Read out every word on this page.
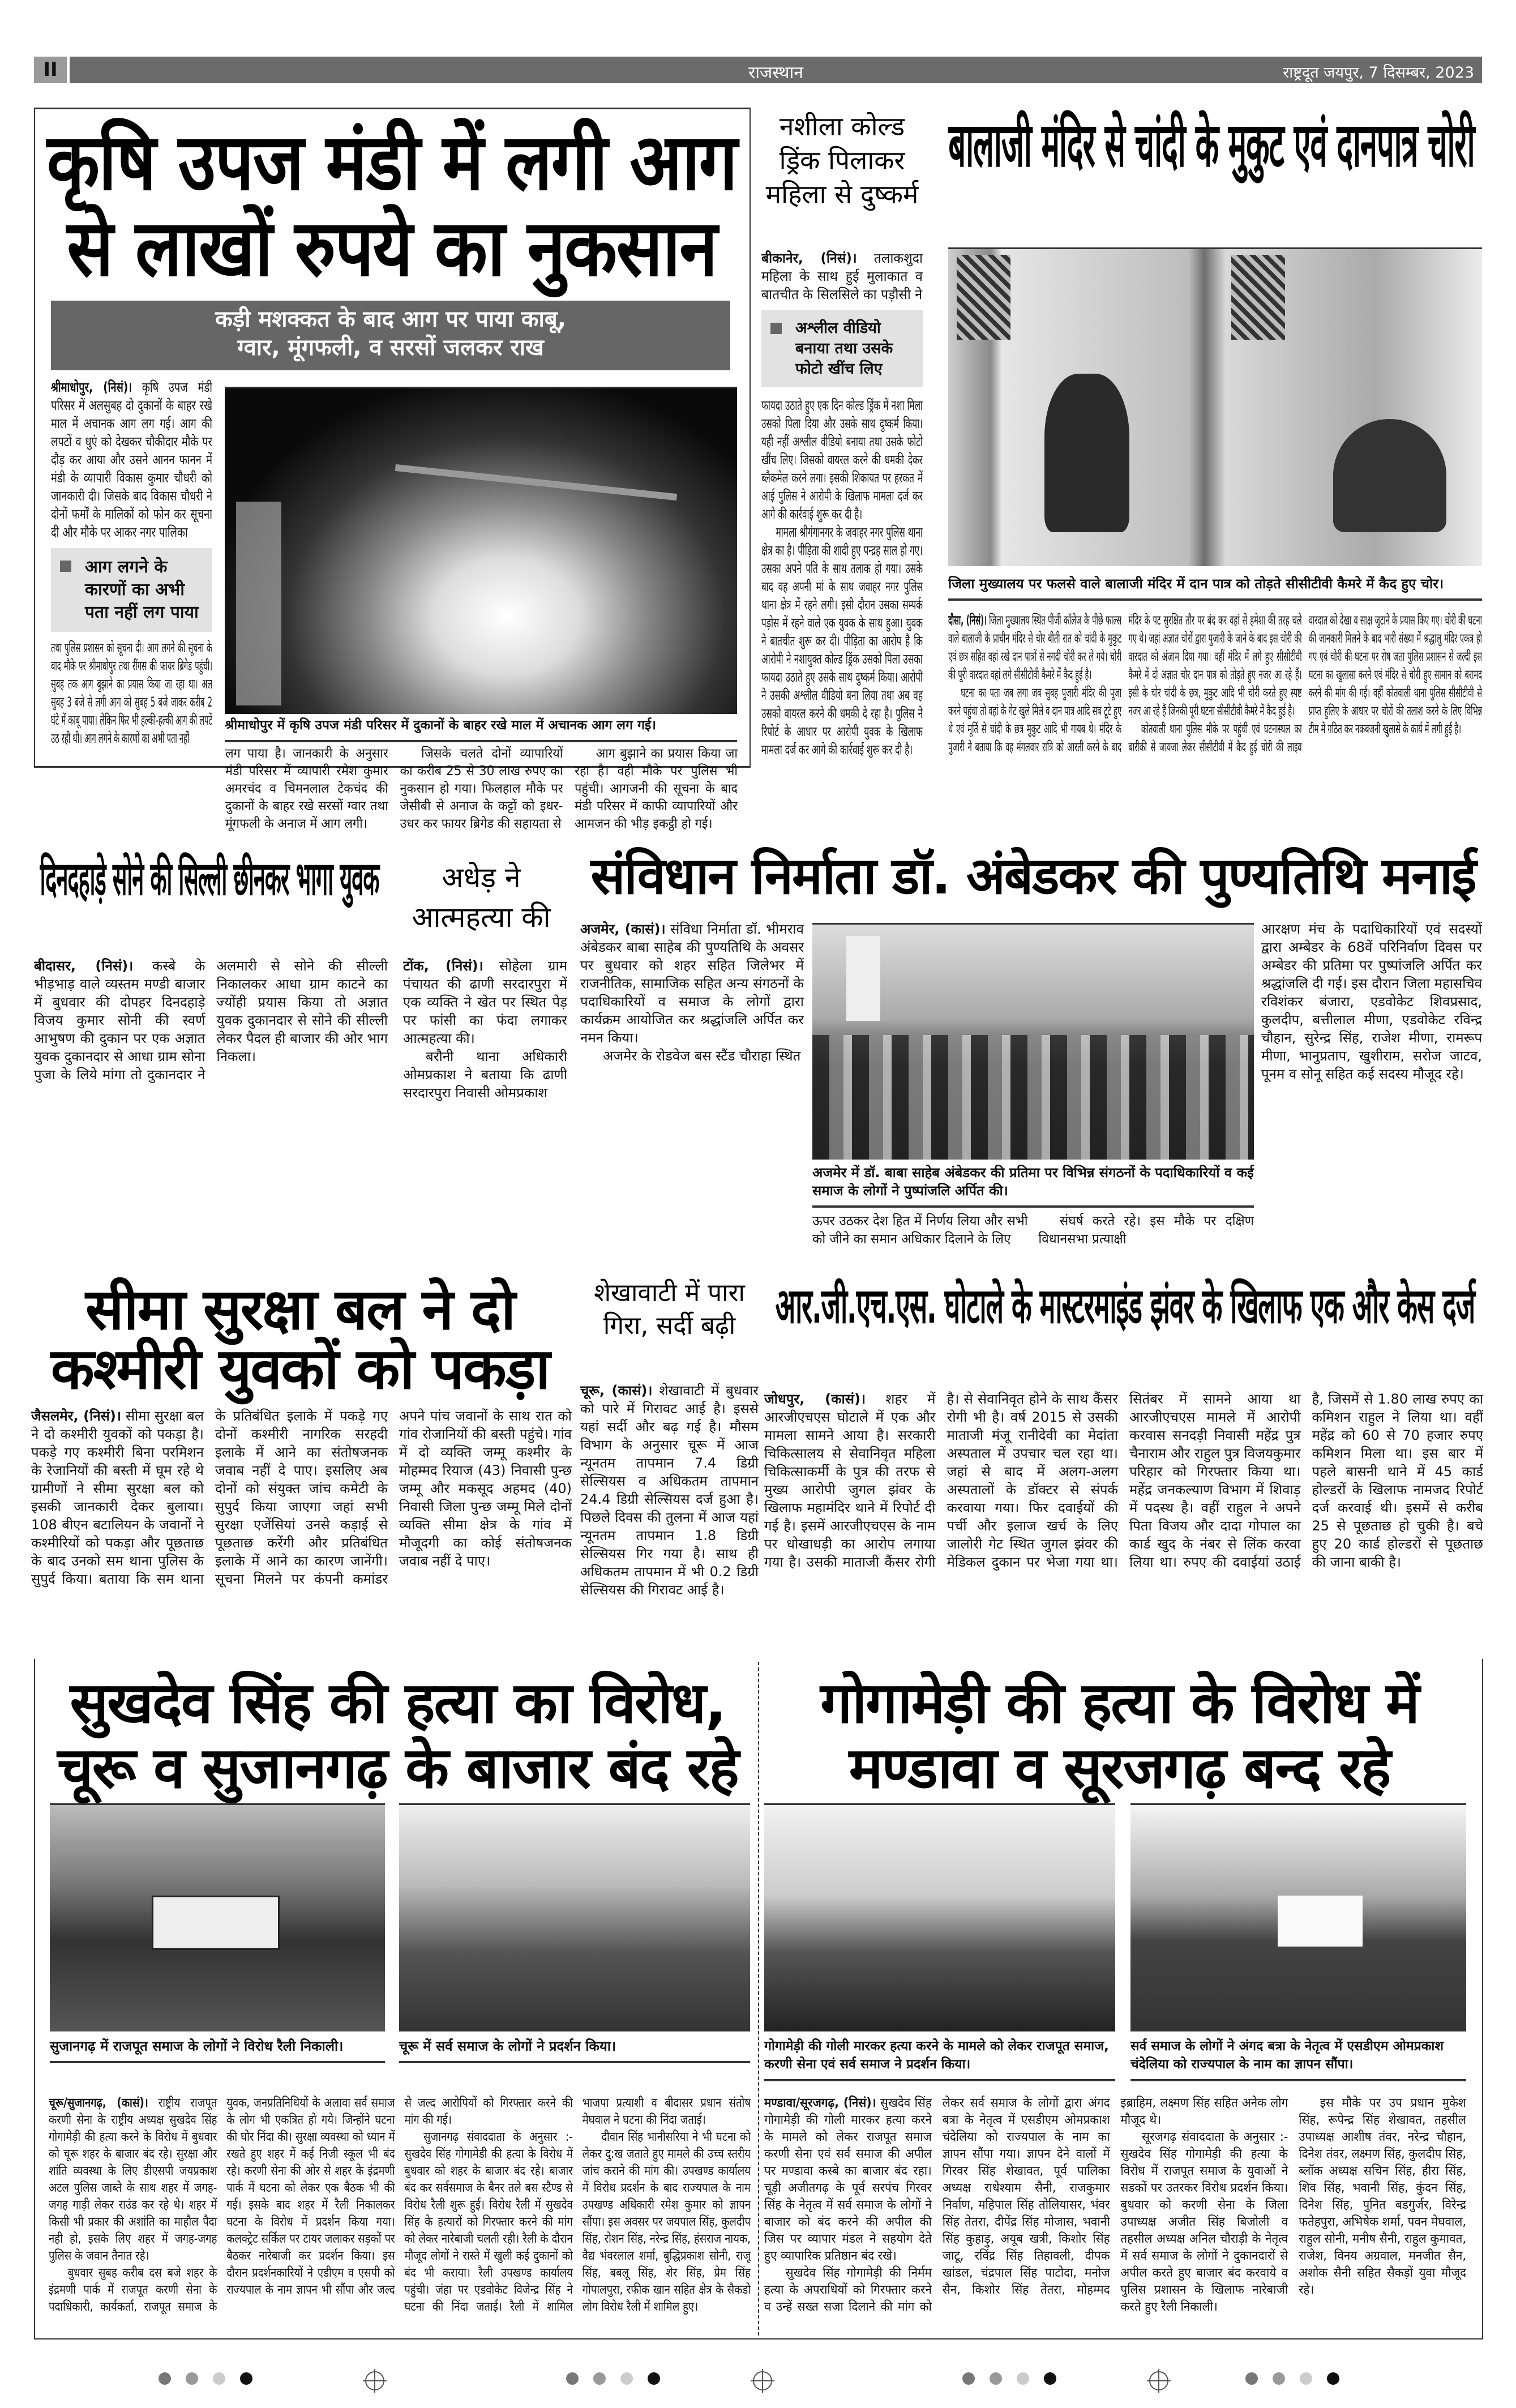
II	राजस्थान	राष्ट्रदूत जयपुर, 7 दिसम्बर, 2023
कृषि उपज मंडी में लगी आग से लाखों रुपये का नुकसान
कड़ी मशक्कत के बाद आग पर पाया काबू,
ग्वार, मूंगफली, व सरसों जलकर राख

श्रीमाधोपुर, (निसं)। कृषि उपज मंडी परिसर में अलसुबह दो दुकानों के बाहर रखे माल में अचानक आग लग गई। आग की लपटों व धुएं को देखकर चौकीदार मौके पर दौड़ कर आया और उसने आनन फानन में मंडी के व्यापारी विकास कुमार चौधरी को जानकारी दी। जिसके बाद विकास चौधरी ने दोनों फर्मों के मालिकों को फोन कर सूचना दी और मौके पर आकर नगर पालिका

आग लगने के कारणों का अभी पता नहीं लग पाया

तथा पुलिस प्रशासन को सूचना दी। आग लगने की सूचना के बाद मौके पर श्रीमाधोपुर तथा रींगस की फायर ब्रिगेड पहुंची। सुबह तक आग बुझाने का प्रयास किया जा रहा था। अल सुबह 3 बजे से लगी आग को सुबह 5 बजे जाकर करीब 2 घंटे में काबू पाया। लेकिन फिर भी हल्की-हल्की आग की लपटें उठ रही थी। आग लगने के कारणों का अभी पता नहीं

श्रीमाधोपुर में कृषि उपज मंडी परिसर में दुकानों के बाहर रखे माल में अचानक आग लग गई।

लग पाया है। जानकारी के अनुसार मंडी परिसर में व्यापारी रमेश कुमार अमरचंद व चिमनलाल टेकचंद की दुकानों के बाहर रखे सरसों ग्वार तथा मूंगफली के अनाज में आग लगी।

जिसके चलते दोनों व्यापारियों का करीब 25 से 30 लाख रुपए का नुकसान हो गया। फिलहाल मौके पर जेसीबी से अनाज के कट्टों को इधर-उधर कर फायर ब्रिगेड की सहायता से

आग बुझाने का प्रयास किया जा रहा है। वही मौके पर पुलिस भी पहुंची। आगजनी की सूचना के बाद मंडी परिसर में काफी व्यापारियों और आमजन की भीड़ इकट्ठी हो गई।

नशीला कोल्ड ड्रिंक पिलाकर महिला से दुष्कर्म

बीकानेर, (निसं)। तलाकशुदा महिला के साथ हुई मुलाकात व बातचीत के सिलसिले का पड़ौसी ने

अश्लील वीडियो बनाया तथा उसके फोटो खींच लिए

फायदा उठाते हुए एक दिन कोल्ड ड्रिंक में नशा मिला उसको पिला दिया और उसके साथ दुष्कर्म किया। यही नहीं अश्लील वीडियो बनाया तथा उसके फोटो खींच लिए। जिसको वायरल करने की धमकी देकर ब्लैकमेल करने लगा। इसकी शिकायत पर हरकत में आई पुलिस ने आरोपी के खिलाफ मामला दर्ज कर आगे की कार्रवाई शुरू कर दी है।

मामला श्रीगंगानगर के जवाहर नगर पुलिस थाना क्षेत्र का है। पीड़िता की शादी हुए पन्द्रह साल हो गए। उसका अपने पति के साथ तलाक हो गया। उसके बाद वह अपनी मां के साथ जवाहर नगर पुलिस थाना क्षेत्र में रहने लगी। इसी दौरान उसका सम्पर्क पड़ोस में रहने वाले एक युवक के साथ हुआ। युवक ने बातचीत शुरू कर दी। पीड़िता का आरोप है कि आरोपी ने नशायुक्त कोल्ड ड्रिंक उसको पिला उसका फायदा उठाते हुए उसके साथ दुष्कर्म किया। आरोपी ने उसकी अश्लील वीडियो बना लिया तथा अब वह उसको वायरल करने की धमकी दे रहा है। पुलिस ने रिपोर्ट के आधार पर आरोपी युवक के खिलाफ मामला दर्ज कर आगे की कार्रवाई शुरू कर दी है।

बालाजी मंदिर से चांदी के मुकुट एवं दानपात्र चोरी
जिला मुख्यालय पर फलसे वाले बालाजी मंदिर में दान पात्र को तोड़ते सीसीटीवी कैमरे में कैद हुए चोर।

दौसा, (निसं)। जिला मुख्यालय स्थित पीजी कॉलेज के पीछे फाल्स वाले बालाजी के प्राचीन मंदिर से चोर बीती रात को चांदी के मुकुट एवं छत्र सहित वहां रखे दान पात्रों से नगदी चोरी कर ले गये। चोरी की पूरी वारदात वहां लगे सीसीटीवी कैमरे में कैद हुई है।

घटना का पता जब लगा जब सुबह पुजारी मंदिर की पूजा करने पहुंचा तो वहां के गेट खुले मिले व दान पात्र आदि सब टूटे हुए थे एवं मूर्ति से चांदी के छत्र मुकुट आदि भी गायब थे। मंदिर के पुजारी ने बताया कि वह मंगलवार रात्रि को आरती करने के बाद मंदिर के पट सुरक्षित तौर पर बंद कर वहां से हमेशा की तरह चले गए थे। जहां अज्ञात चोरों द्वारा पुजारी के जाने के बाद इस चोरी की वारदात को अंजाम दिया गया। वहीं मंदिर में लगे हुए सीसीटीवी कैमरे में दो अज्ञात चोर दान पात्र को तोड़ते हुए नजर आ रहे हैं। इसी के चोर चांदी के छत्र, मुकुट आदि भी चोरी करते हुए स्पष्ट नजर आ रहे हैं जिनकी पूरी घटना सीसीटीवी कैमरे में कैद हुई है।

कोतवाली थाना पुलिस मौके पर पहुंची एवं घटनास्थल का बारीकी से जायजा लेकर सीसीटीवी में कैद हुई चोरी की लाइव वारदात को देखा व साक्ष जुटाने के प्रयास किए गए। चोरी की घटना की जानकारी मिलने के बाद भारी संख्या में श्रद्धालु मंदिर एकत्र हो गए एवं चोरी की घटना पर रोष जता पुलिस प्रशासन से जल्दी इस घटना का खुलासा करने एवं मंदिर से चोरी हुए सामान को बरामद करने की मांग की गई। वहीं कोतवाली थाना पुलिस सीसीटीवी से प्राप्त हुलिए के आधार पर चोरों की तलाश करने के लिए विभिन्न टीम में गठित कर नकबजनी खुलासे के कार्य में लगी हुई है।

दिनदहाड़े सोने की सिल्ली छीनकर भागा युवक

बीदासर, (निसं)। कस्बे के भीड़भाड़ वाले व्यस्तम मण्डी बाजार में बुधवार की दोपहर दिनदहाड़े विजय कुमार सोनी की स्वर्ण आभुषण की दुकान पर एक अज्ञात युवक दुकानदार से आधा ग्राम सोना पुजा के लिये मांगा तो दुकानदार ने अलमारी से सोने की सील्ली निकालकर आधा ग्राम काटने का ज्योंही प्रयास किया तो अज्ञात युवक दुकानदार से सोने की सील्ली लेकर पैदल ही बाजार की ओर भाग निकला।

अधेड़ ने आत्महत्या की

टोंक, (निसं)। सोहेला ग्राम पंचायत की ढाणी सरदारपुरा में एक व्यक्ति ने खेत पर स्थित पेड़ पर फांसी का फंदा लगाकर आत्महत्या की।

बरौनी थाना अधिकारी ओमप्रकाश ने बताया कि ढाणी सरदारपुरा निवासी ओमप्रकाश

संविधान निर्माता डॉ. अंबेडकर की पुण्यतिथि मनाई

अजमेर, (कासं)। संविधा निर्माता डॉ. भीमराव अंबेडकर बाबा साहेब की पुण्यतिथि के अवसर पर बुधवार को शहर सहित जिलेभर में राजनीतिक, सामाजिक सहित अन्य संगठनों के पदाधिकारियों व समाज के लोगों द्वारा कार्यक्रम आयोजित कर श्रद्धांजलि अर्पित कर नमन किया।

अजमेर के रोडवेज बस स्टैंड चौराहा स्थित

अजमेर में डॉ. बाबा साहेब अंबेडकर की प्रतिमा पर विभिन्न संगठनों के पदाधिकारियों व कई समाज के लोगों ने पुष्पांजलि अर्पित की।

ऊपर उठकर देश हित में निर्णय लिया और सभी को जीने का समान अधिकार दिलाने के लिए

संघर्ष करते रहे। इस मौके पर दक्षिण विधानसभा प्रत्याक्षी

आरक्षण मंच के पदाधिकारियों एवं सदस्यों द्वारा अम्बेडर के 68वें परिनिर्वाण दिवस पर अम्बेडर की प्रतिमा पर पुष्पांजलि अर्पित कर श्रद्धांजलि दी गई। इस दौरान जिला महासचिव रविशंकर बंजारा, एडवोकेट शिवप्रसाद, कुलदीप, बत्तीलाल मीणा, एडवोकेट रविन्द्र चौहान, सुरेन्द्र सिंह, राजेश मीणा, रामरूप मीणा, भानुप्रताप, खुशीराम, सरोज जाटव, पूनम व सोनू सहित कई सदस्य मौजूद रहे।

सीमा सुरक्षा बल ने दो कश्मीरी युवकों को पकड़ा

जैसलमेर, (निसं)। सीमा सुरक्षा बल ने दो कश्मीरी युवकों को पकड़ा है। पकड़े गए कश्मीरी बिना परमिशन के रेजानियों की बस्ती में घूम रहे थे ग्रामीणों ने सीमा सुरक्षा बल को इसकी जानकारी देकर बुलाया। 108 बीएन बटालियन के जवानों ने कश्मीरियों को पकड़ा और पूछताछ के बाद उनको सम थाना पुलिस के सुपुर्द किया। बताया कि सम थाना के प्रतिबंधित इलाके में पकड़े गए दोनों कश्मीरी नागरिक सरहदी इलाके में आने का संतोषजनक जवाब नहीं दे पाए। इसलिए अब दोनों को संयुक्त जांच कमेटी के सुपुर्द किया जाएगा जहां सभी सुरक्षा एजेंसियां उनसे कड़ाई से पूछताछ करेंगी और प्रतिबंधित इलाके में आने का कारण जानेंगी। सूचना मिलने पर कंपनी कमांडर अपने पांच जवानों के साथ रात को गांव रोजानियों की बस्ती पहुंचे। गांव में दो व्यक्ति जम्मू कश्मीर के मोहम्मद रियाज (43) निवासी पुन्छ जम्मू और मकसूद अहमद (40) निवासी जिला पुन्छ जम्मू मिले दोनों व्यक्ति सीमा क्षेत्र के गांव में मौजूदगी का कोई संतोषजनक जवाब नहीं दे पाए।

शेखावाटी में पारा गिरा, सर्दी बढ़ी

चूरू, (कासं)। शेखावाटी में बुधवार को पारे में गिरावट आई है। इससे यहां सर्दी और बढ़ गई है। मौसम विभाग के अनुसार चूरू में आज न्यूनतम तापमान 7.4 डिग्री सेल्सियस व अधिकतम तापमान 24.4 डिग्री सेल्सियस दर्ज हुआ है। पिछले दिवस की तुलना में आज यहां न्यूनतम तापमान 1.8 डिग्री सेल्सियस गिर गया है। साथ ही अधिकतम तापमान में भी 0.2 डिग्री सेल्सियस की गिरावट आई है।

आर.जी.एच.एस. घोटाले के मास्टरमाइंड झंवर के खिलाफ एक और केस दर्ज

जोधपुर, (कासं)। शहर में आरजीएचएस घोटाले में एक और मामला सामने आया है। सरकारी चिकित्सालय से सेवानिवृत महिला चिकित्साकर्मी के पुत्र की तरफ से मुख्य आरोपी जुगल झंवर के खिलाफ महामंदिर थाने में रिपोर्ट दी गई है। इसमें आरजीएचएस के नाम पर धोखाधड़ी का आरोप लगाया गया है। उसकी माताजी कैंसर रोगी है। से सेवानिवृत होने के साथ कैंसर रोगी भी है। वर्ष 2015 से उसकी माताजी मंजू रानीदेवी का मेदांता अस्पताल में उपचार चल रहा था। जहां से बाद में अलग-अलग अस्पतालों के डॉक्टर से संपर्क करवाया गया। फिर दवाईयों की पर्ची और इलाज खर्च के लिए जालोरी गेट स्थित जुगल झंवर की मेडिकल दुकान पर भेजा गया था। सितंबर में सामने आया था आरजीएचएस मामले में आरोपी करवास सनदड़ी निवासी महेंद्र पुत्र चैनाराम और राहुल पुत्र विजयकुमार परिहार को गिरफ्तार किया था। महेंद्र जनकल्याण विभाग में शिवाड़ में पदस्थ है। वहीं राहुल ने अपने पिता विजय और दादा गोपाल का कार्ड खुद के नंबर से लिंक करवा लिया था। रुपए की दवाईयां उठाई है, जिसमें से 1.80 लाख रुपए का कमिशन राहुल ने लिया था। वहीं महेंद्र को 60 से 70 हजार रुपए कमिशन मिला था। इस बार में पहले बासनी थाने में 45 कार्ड होल्डरों के खिलाफ नामजद रिपोर्ट दर्ज करवाई थी। इसमें से करीब 25 से पूछताछ हो चुकी है। बचे हुए 20 कार्ड होल्डरों से पूछताछ की जाना बाकी है।

सुखदेव सिंह की हत्या का विरोध,
चूरू व सुजानगढ़ के बाजार बंद रहे
गोगामेड़ी की हत्या के विरोध में
मण्डावा व सूरजगढ़ बन्द रहे
सुजानगढ़ में राजपूत समाज के लोगों ने विरोध रैली निकाली।	चूरू में सर्व समाज के लोगों ने प्रदर्शन किया।	गोगामेड़ी की गोली मारकर हत्या करने के मामले को लेकर राजपूत समाज, करणी सेना एवं सर्व समाज ने प्रदर्शन किया।
सर्व समाज के लोगों ने अंगद बत्रा के नेतृत्व में एसडीएम ओमप्रकाश चंदेलिया को राज्यपाल के नाम का ज्ञापन सौंपा।

चूरू/सुजानगढ़, (कासं)। राष्ट्रीय राजपूत करणी सेना के राष्ट्रीय अध्यक्ष सुखदेव सिंह गोगामेड़ी की हत्या करने के विरोध में बुधवार को चूरू शहर के बाजार बंद रहे। सुरक्षा और शांति व्यवस्था के लिए डीएसपी जयप्रकाश अटल पुलिस जाब्ते के साथ शहर में जगह-जगह गाड़ी लेकर राउंड कर रहे थे। शहर में किसी भी प्रकार की अशांति का माहौल पैदा नही हो, इसके लिए शहर में जगह-जगह पुलिस के जवान तैनात रहे।

बुधवार सुबह करीब दस बजे शहर के इंद्रमणी पार्क में राजपूत करणी सेना के पदाधिकारी, कार्यकर्ता, राजपूत समाज के युवक, जनप्रतिनिधियों के अलावा सर्व समाज के लोग भी एकत्रित हो गये। जिन्होंने घटना की घोर निंदा की। सुरक्षा व्यवस्था को ध्यान में रखते हुए शहर में कई निजी स्कूल भी बंद रहे। करणी सेना की ओर से शहर के इंद्रमणी पार्क में घटना को लेकर एक बैठक भी की गई। इसके बाद शहर में रैली निकालकर घटना के विरोध में प्रदर्शन किया गया। कलक्ट्रेट सर्किल पर टायर जलाकर सड़कों पर बैठकर नारेबाजी कर प्रदर्शन किया। इस दौरान प्रदर्शनकारियों ने एडीएम व एसपी को राज्यपाल के नाम ज्ञापन भी सौंपा और जल्द से जल्द आरोपियों को गिरफ्तार करने की मांग की गई।

सुजानगढ़ संवाददाता के अनुसार :- सुखदेव सिंह गोगामेडी की हत्या के विरोध में बुधवार को शहर के बाजार बंद रहे। बाजार बंद कर सर्वसमाज के बैनर तले बस स्टैण्ड से विरोध रैली शुरू हुई। विरोध रैली में सुखदेव सिंह के हत्यारों को गिरफ्तार करने की मांग को लेकर नारेबाजी चलती रही। रैली के दौरान मौजूद लोगों ने रास्ते में खुली कई दुकानों को बंद भी कराया। रैली उपखण्ड कार्यालय पहुंची। जंहा पर एडवोकेट विजेन्द्र सिंह ने घटना की निंदा जताई। रैली में शामिल भाजपा प्रत्याशी व बीदासर प्रधान संतोष मेघवाल ने घटना की निंदा जताई।

दीवान सिंह भानीसरिया ने भी घटना को लेकर दु:ख जताते हुए मामले की उच्च स्तरीय जांच कराने की मांग की। उपखण्ड कार्यालय में विरोध प्रदर्शन के बाद राज्यपाल के नाम उपखण्ड अधिकारी रमेश कुमार को ज्ञापन सौंपा। इस अवसर पर जयपाल सिंह, कुलदीप सिंह, रोशन सिंह, नरेन्द्र सिंह, हंसराज नायक, वैद्य भंवरलाल शर्मा, बुद्धिप्रकाश सोनी, राजू सिंह, बबलू सिंह, शेर सिंह, प्रेम सिंह गोपालपुरा, रफीक खान सहित क्षेत्र के सैकडो लोग विरोध रैली में शामिल हुए।

मण्डावा/सूरजगढ़, (निसं)। सुखदेव सिंह गोगामेड़ी की गोली मारकर हत्या करने के मामले को लेकर राजपूत समाज करणी सेना एवं सर्व समाज की अपील पर मण्डावा कस्बे का बाजार बंद रहा। चूड़ी अजीतगढ़ के पूर्व सरपंच गिरवर सिंह के नेतृत्व में सर्व समाज के लोगों ने बाजार को बंद करने की अपील की जिस पर व्यापार मंडल ने सहयोग देते हुए व्यापारिक प्रतिष्ठान बंद रखे।

सुखदेव सिंह गोगामेड़ी की निर्मम हत्या के अपराधियों को गिरफ्तार करने व उन्हें सख्त सजा दिलाने की मांग को लेकर सर्व समाज के लोगों द्वारा अंगद बत्रा के नेतृत्व में एसडीएम ओमप्रकाश चंदेलिया को राज्यपाल के नाम का ज्ञापन सौंपा गया। ज्ञापन देने वालों में गिरवर सिंह शेखावत, पूर्व पालिका अध्यक्ष राधेश्याम सैनी, राजकुमार निर्वाण, महिपाल सिंह तोलियासर, भंवर सिंह तेतरा, दीपेंद्र सिंह मोजास, भवानी सिंह कुहाड़ु, अयूब खत्री, किशोर सिंह जाटू, रविंद्र सिंह तिहावली, दीपक खांडल, चंद्रपाल सिंह पाटोदा, मनोज सैन, किशोर सिंह तेतरा, मोहम्मद इब्राहिम, लक्ष्मण सिंह सहित अनेक लोग मौजूद थे।

सूरजगढ़ संवाददाता के अनुसार :- सुखदेव सिंह गोगामेड़ी की हत्या के विरोध में राजपूत समाज के युवाओं ने सडकों पर उतरकर विरोध प्रदर्शन किया। बुधवार को करणी सेना के जिला उपाध्यक्ष अजीत सिंह बिजोली व तहसील अध्यक्ष अनिल चौराड़ी के नेतृत्व में सर्व समाज के लोगों ने दुकानदारों से अपील करते हुए बाजार बंद करवाये व पुलिस प्रशासन के खिलाफ नारेबाजी करते हुए रैली निकाली।

इस मौके पर उप प्रधान मुकेश सिंह, रूपेन्द्र सिंह शेखावत, तहसील उपाध्यक्ष आशीष तंवर, नरेन्द्र चौहान, दिनेश तंवर, लक्ष्मण सिंह, कुलदीप सिह, ब्लॉक अध्यक्ष सचिन सिंह, हीरा सिंह, शिव सिंह, भवानी सिंह, कुंदन सिंह, दिनेश सिंह, पुनित बडगुर्जर, विरेन्द्र फतेहपुरा, अभिषेक शर्मा, पवन मेघवाल, राहुल सोनी, मनीष सैनी, राहुल कुमावत, राजेश, विनय अग्रवाल, मनजीत सैन, अशोक सैनी सहित सैकड़ों युवा मौजूद रहे।
